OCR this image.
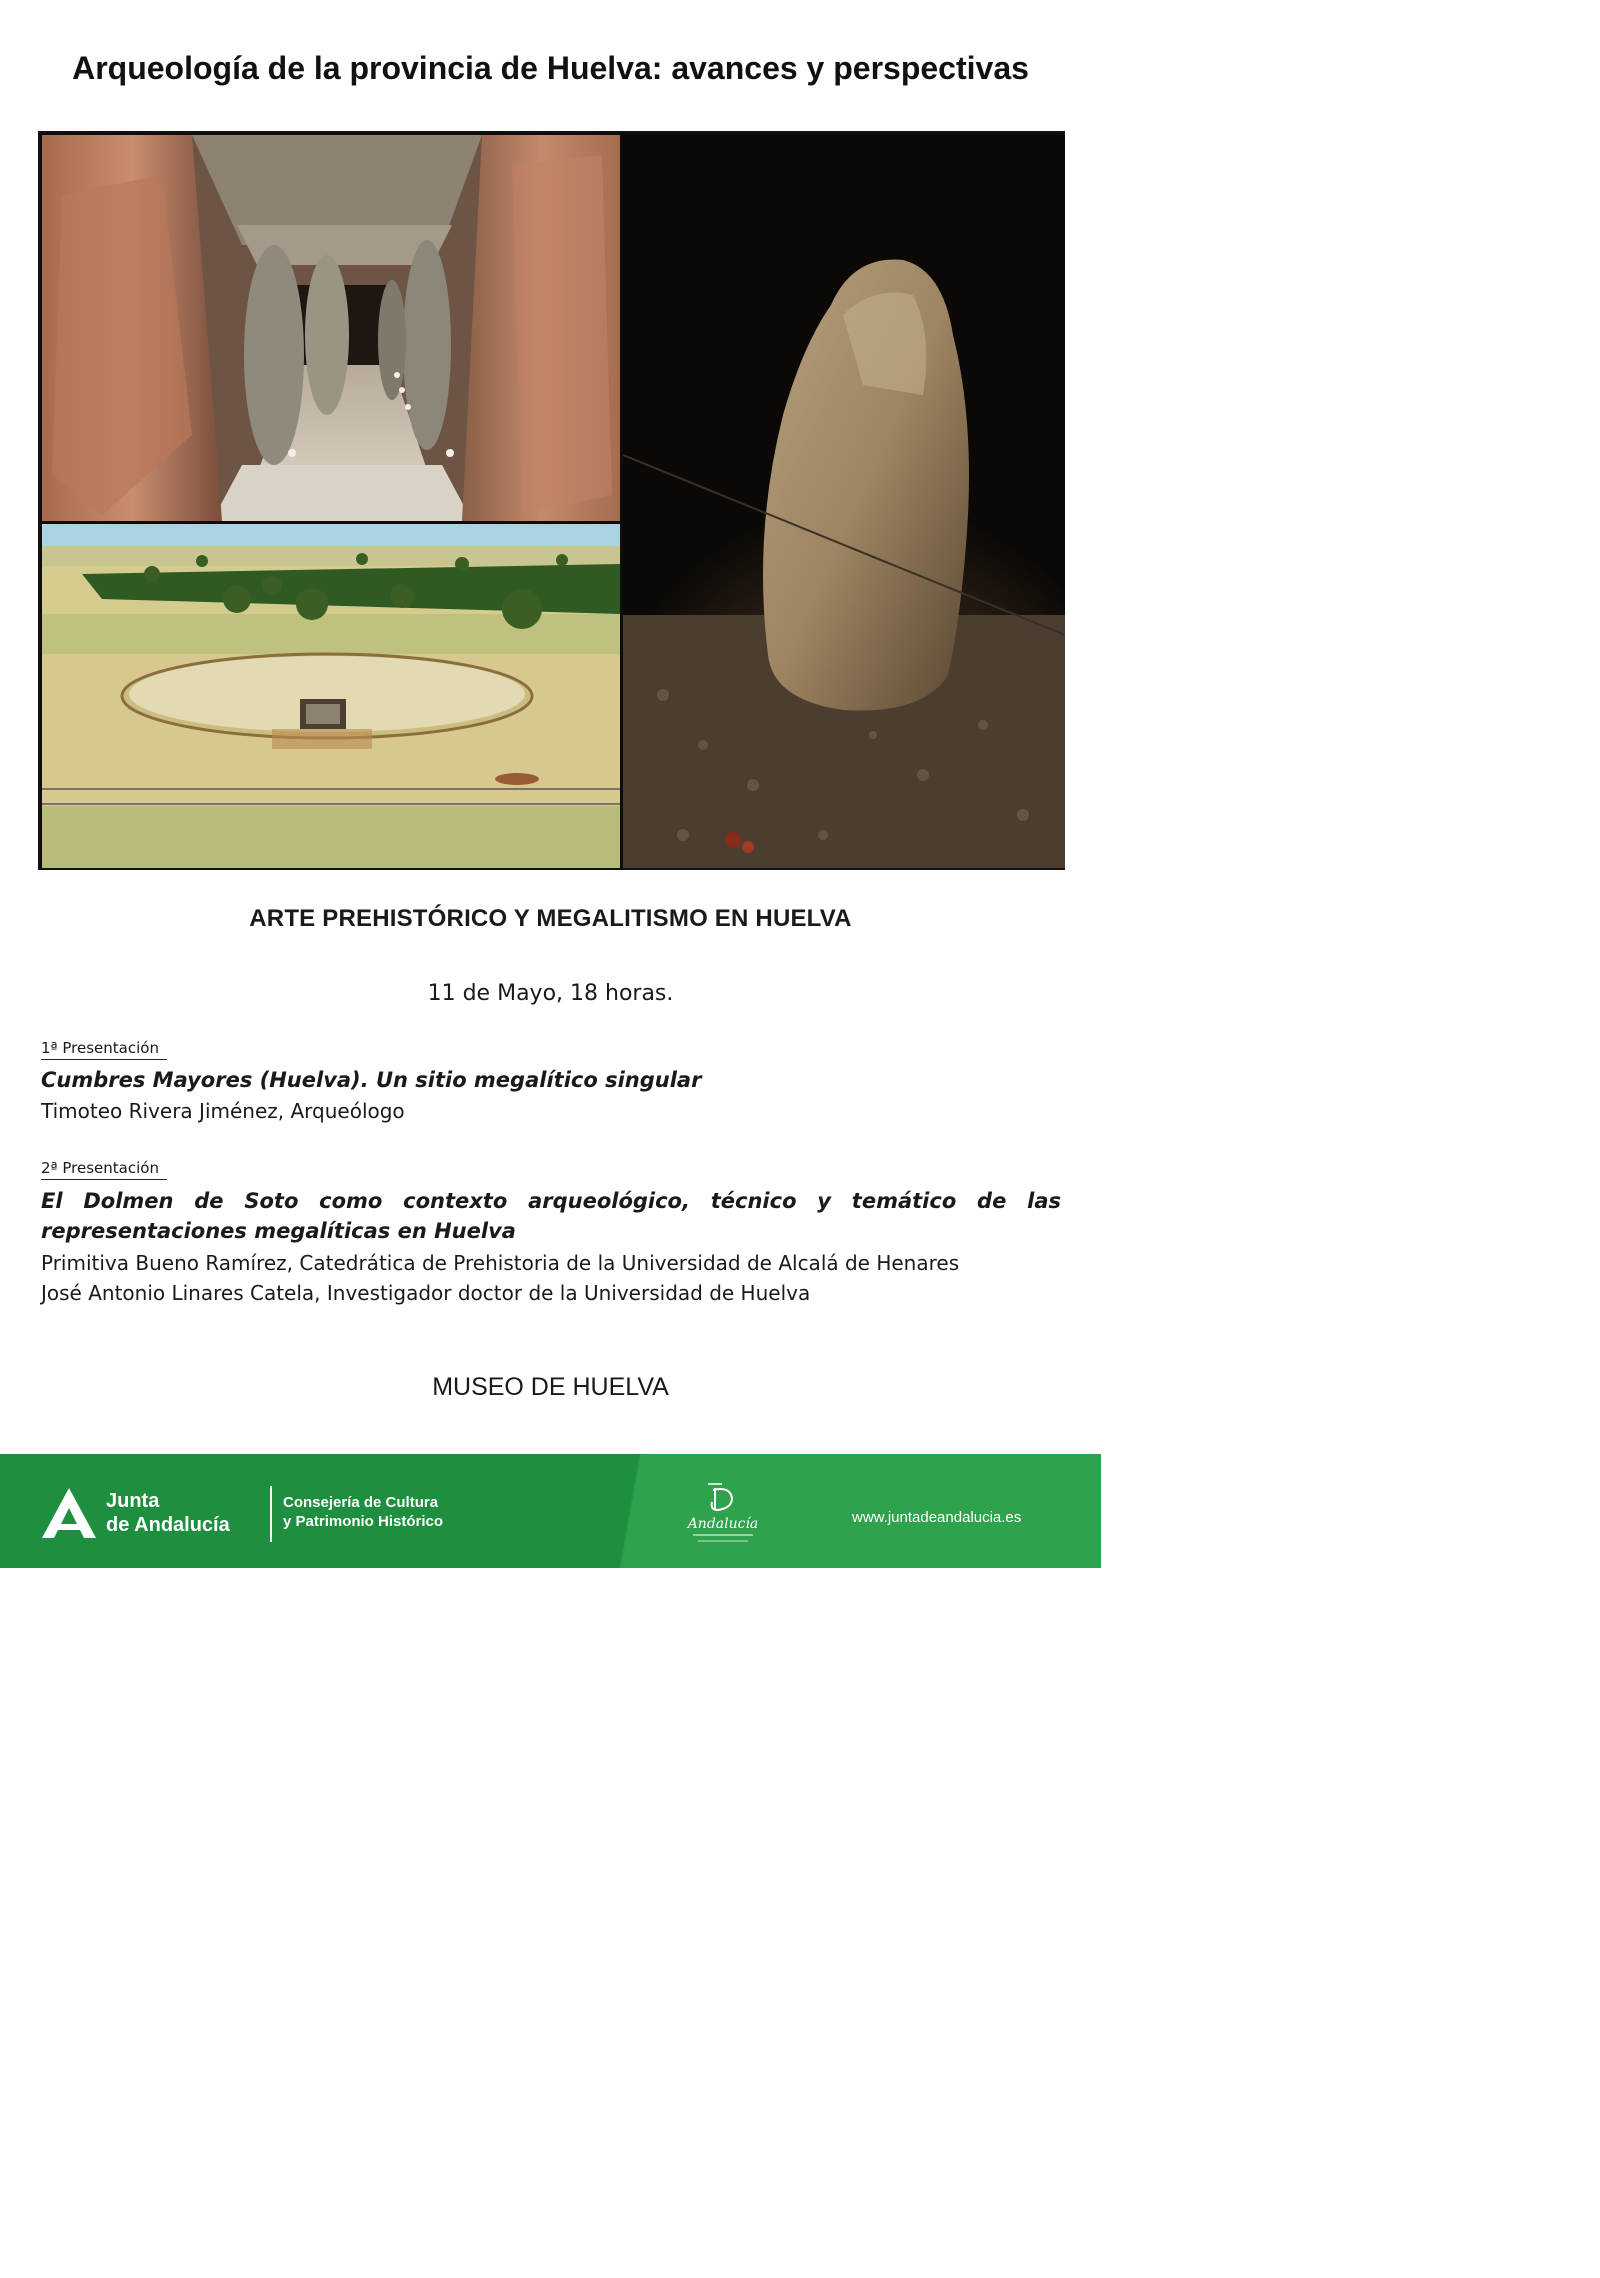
Arqueología de la provincia de Huelva: avances y perspectivas
ARTE PREHISTÓRICO Y MEGALITISMO EN HUELVA
11 de Mayo, 18 horas.
1ª Presentación
Cumbres Mayores (Huelva). Un sitio megalítico singular
Timoteo Rivera Jiménez, Arqueólogo
2ª Presentación
El Dolmen de Soto como contexto arqueológico, técnico y temático de las representaciones megalíticas en Huelva
Primitiva Bueno Ramírez, Catedrática de Prehistoria de la Universidad de Alcalá de Henares
José Antonio Linares Catela, Investigador doctor de la Universidad de Huelva
MUSEO DE HUELVA
Junta
de Andalucía
Consejería de Cultura
y Patrimonio Histórico	Andalucía	www.juntadeandalucia.es
